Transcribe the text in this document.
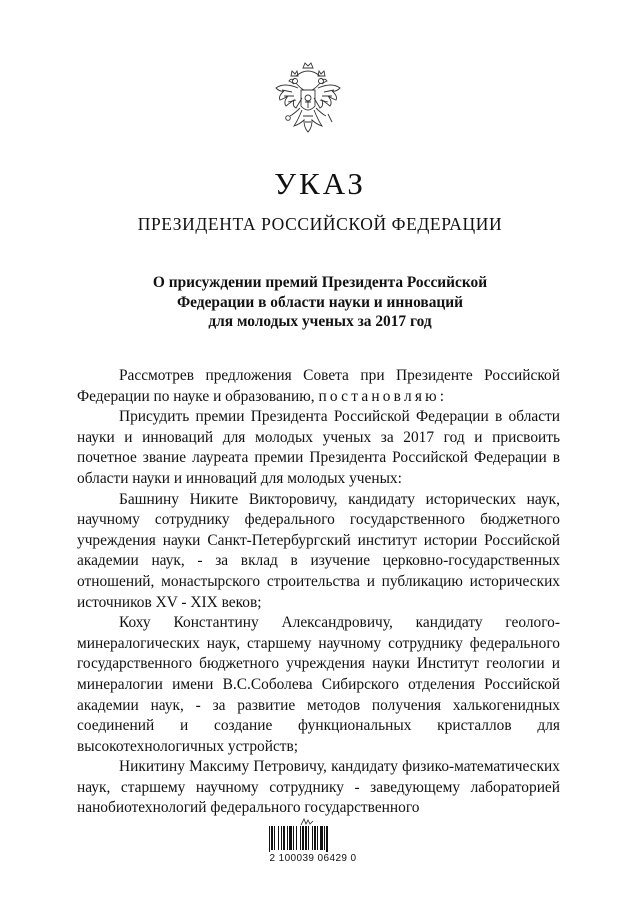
УКАЗ
ПРЕЗИДЕНТА РОССИЙСКОЙ ФЕДЕРАЦИИ
О присуждении премий Президента Российской
Федерации в области науки и инноваций
для молодых ученых за 2017 год

Рассмотрев предложения Совета при Президенте Российской Федерации по науке и образованию, постановляю:

Присудить премии Президента Российской Федерации в области науки и инноваций для молодых ученых за 2017 год и присвоить почетное звание лауреата премии Президента Российской Федерации в области науки и инноваций для молодых ученых:

Башнину Никите Викторовичу, кандидату исторических наук, научному сотруднику федерального государственного бюджетного учреждения науки Санкт-Петербургский институт истории Российской академии наук, - за вклад в изучение церковно-государственных отношений, монастырского строительства и публикацию исторических источников XV - XIX веков;

Коху Константину Александровичу, кандидату геолого-минералогических наук, старшему научному сотруднику федерального государственного бюджетного учреждения науки Институт геологии и минералогии имени В.С.Соболева Сибирского отделения Российской академии наук, - за развитие методов получения халькогенидных соединений и создание функциональных кристаллов для высокотехнологичных устройств;

Никитину Максиму Петровичу, кандидату физико-математических наук, старшему научному сотруднику - заведующему лабораторией нанобиотехнологий федерального государственного

2 100039 06429 0
